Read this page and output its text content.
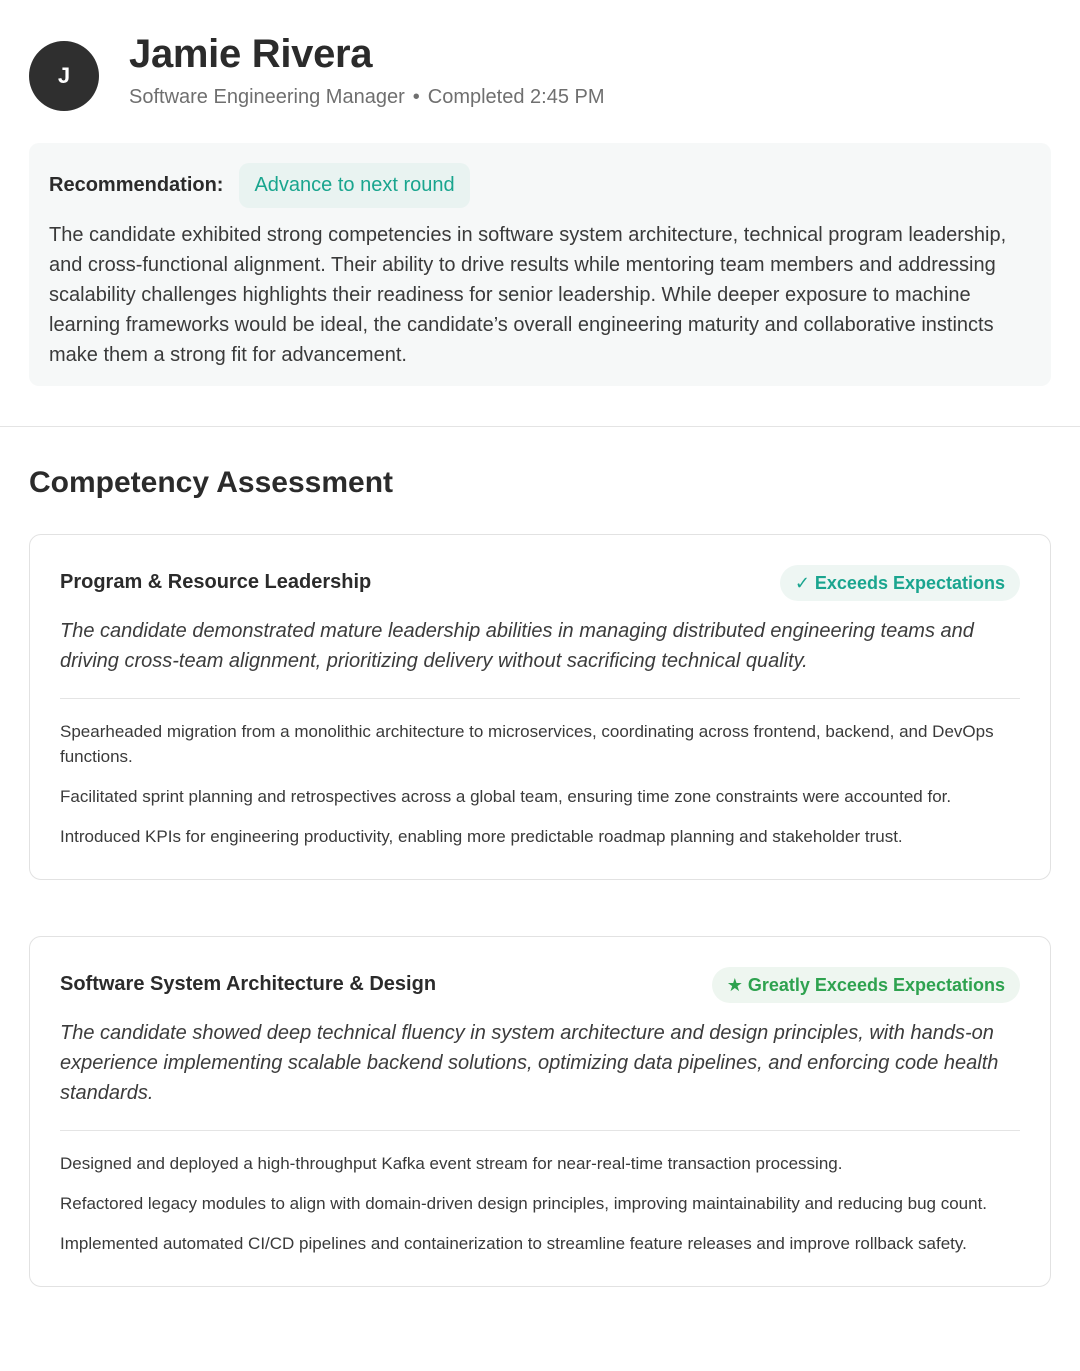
J	Jamie Rivera
Software Engineering Manager • Completed 2:45 PM
Recommendation:	Advance to next round

The candidate exhibited strong competencies in software system architecture, technical program leadership, and cross-functional alignment. Their ability to drive results while mentoring team members and addressing scalability challenges highlights their readiness for senior leadership. While deeper exposure to machine learning frameworks would be ideal, the candidate’s overall engineering maturity and collaborative instincts make them a strong fit for advancement.

Competency Assessment
Program & Resource Leadership	✓ Exceeds Expectations

The candidate demonstrated mature leadership abilities in managing distributed engineering teams and driving cross-team alignment, prioritizing delivery without sacrificing technical quality.

Spearheaded migration from a monolithic architecture to microservices, coordinating across frontend, backend, and DevOps functions.
Facilitated sprint planning and retrospectives across a global team, ensuring time zone constraints were accounted for.
Introduced KPIs for engineering productivity, enabling more predictable roadmap planning and stakeholder trust.
Software System Architecture & Design	★ Greatly Exceeds Expectations

The candidate showed deep technical fluency in system architecture and design principles, with hands-on experience implementing scalable backend solutions, optimizing data pipelines, and enforcing code health standards.

Designed and deployed a high-throughput Kafka event stream for near-real-time transaction processing.
Refactored legacy modules to align with domain-driven design principles, improving maintainability and reducing bug count.
Implemented automated CI/CD pipelines and containerization to streamline feature releases and improve rollback safety.
